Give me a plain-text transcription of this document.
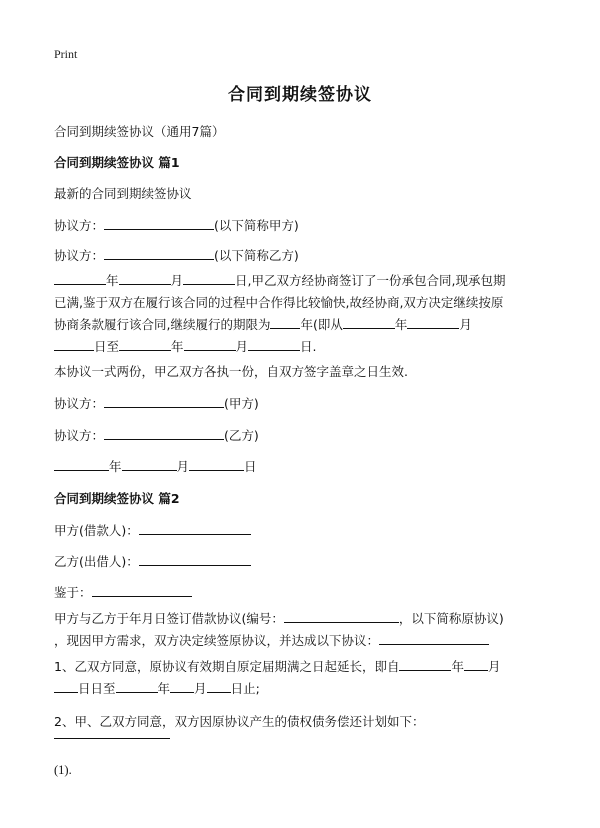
Print
合同到期续签协议
合同到期续签协议（通用7篇）
合同到期续签协议 篇1
最新的合同到期续签协议
协议方：	(以下简称甲方)
协议方：	(以下简称乙方)
年	月	日,甲乙双方经协商签订了一份承包合同,现承包期
已满,鉴于双方在履行该合同的过程中合作得比较愉快,故经协商,双方决定继续按原
协商条款履行该合同,继续履行的期限为 年(即从	年	月
日至	年	月	日.
本协议一式两份，甲乙双方各执一份，自双方签字盖章之日生效.
协议方：	(甲方)
协议方：	(乙方)
年	月	日
合同到期续签协议 篇2
甲方(借款人)：
乙方(出借人)：
鉴于：
甲方与乙方于年月日签订借款协议(编号：	，以下简称原协议)
，现因甲方需求，双方决定续签原协议，并达成以下协议：
1、乙双方同意，原协议有效期自原定届期满之日起延长，即自	年 月
日日至	年 月 日止;
2、甲、乙双方同意，双方因原协议产生的债权债务偿还计划如下：
(1).
